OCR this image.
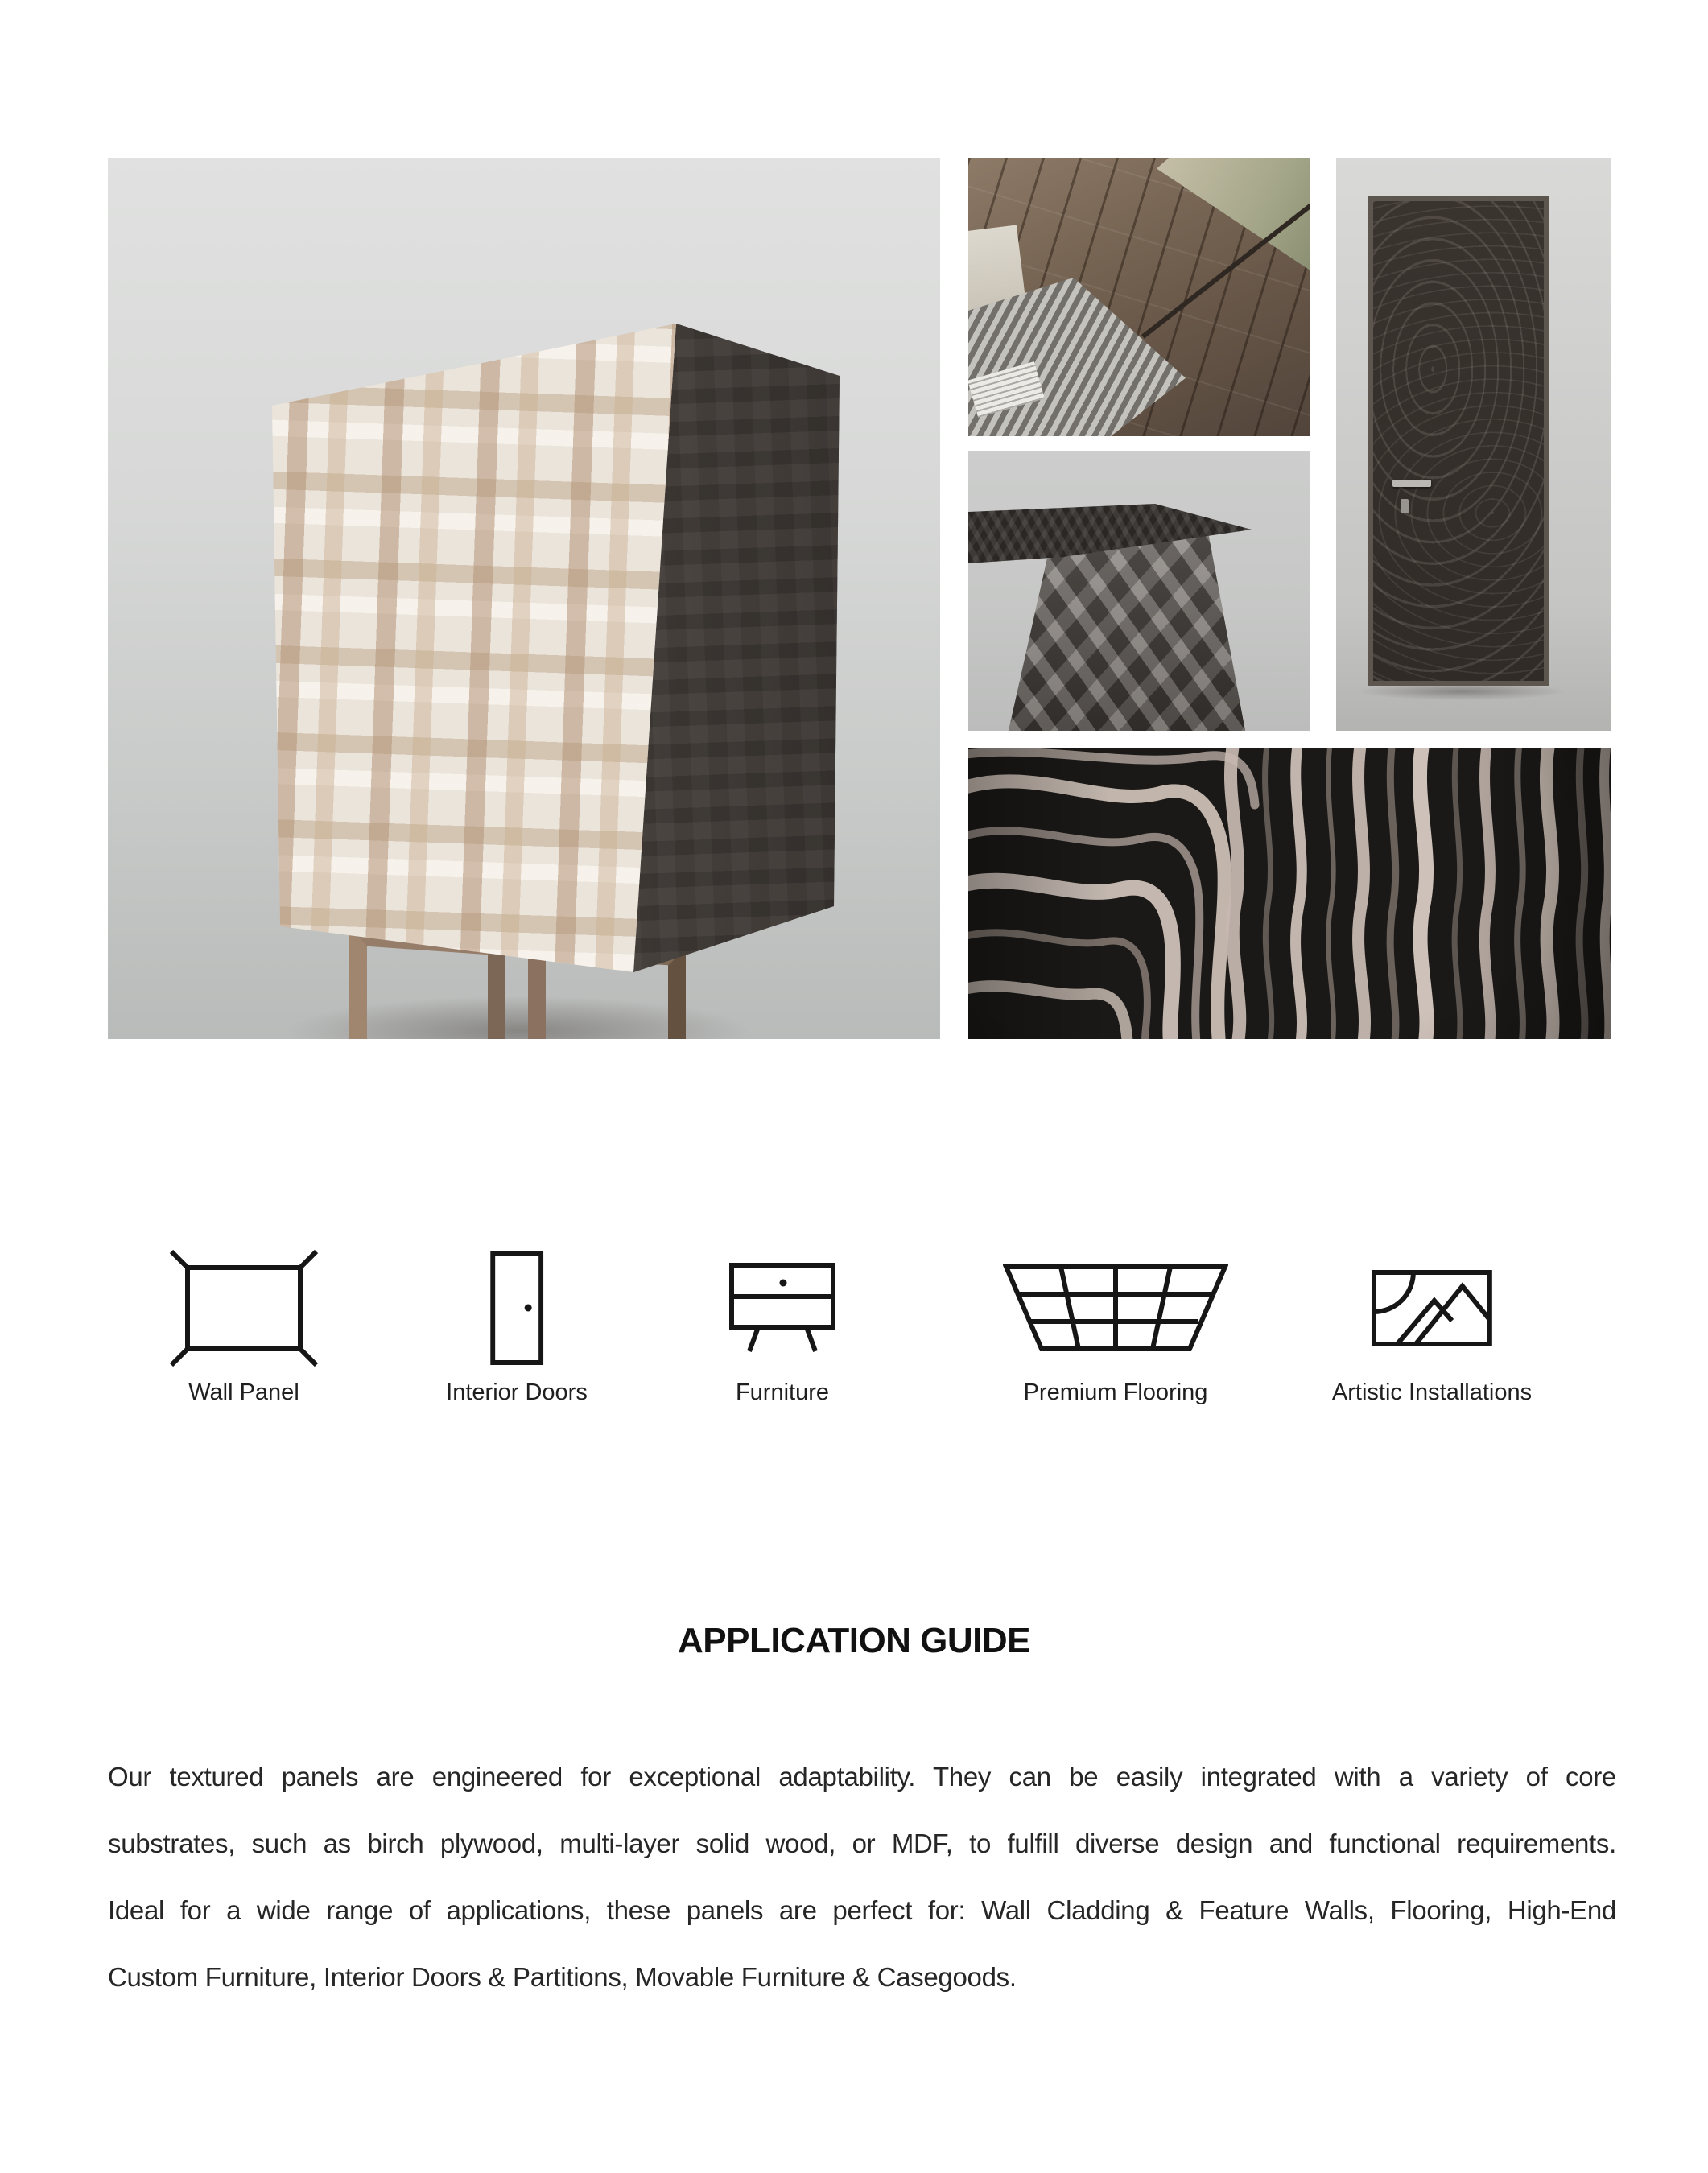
Wall Panel	Interior Doors	Furniture	Premium Flooring	Artistic Installations
APPLICATION GUIDE
Our textured panels are engineered for exceptional adaptability. They can be easily integrated with a variety of core
substrates, such as birch plywood, multi-layer solid wood, or MDF, to fulfill diverse design and functional requirements.
Ideal for a wide range of applications, these panels are perfect for: Wall Cladding & Feature Walls, Flooring, High-End
Custom Furniture, Interior Doors & Partitions, Movable Furniture & Casegoods.
